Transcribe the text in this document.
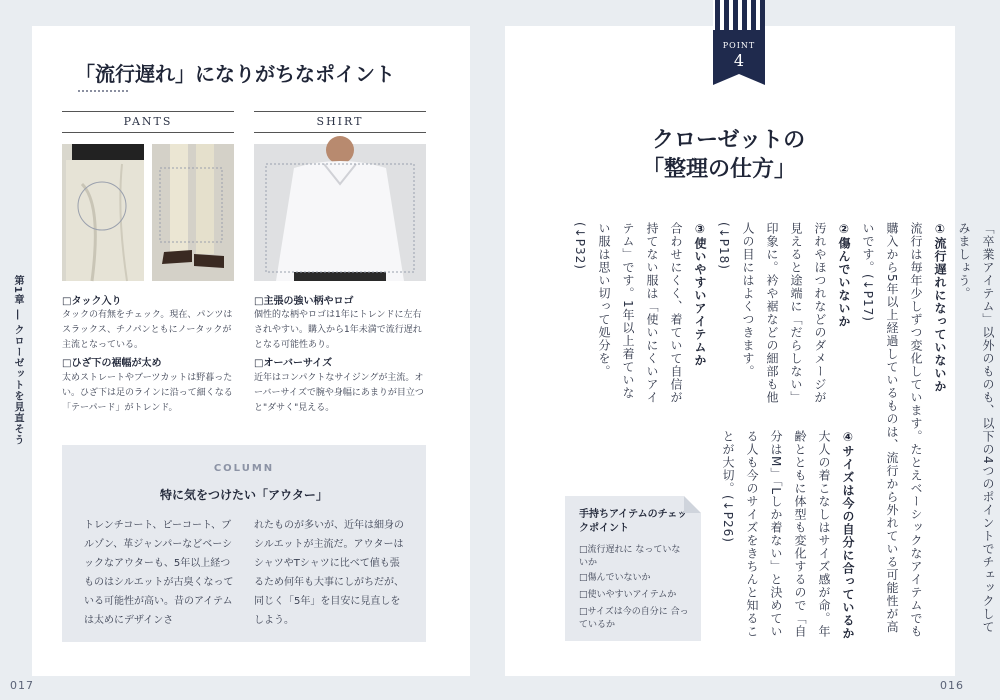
第1章 ― クローゼットを見直そう
「流行遅れ」になりがちなポイント
PANTS	SHIRT
□タック入り
タックの有無をチェック。現在、パンツはスラックス、チノパンともにノータックが主流となっている。
□ひざ下の裾幅が太め
太めストレートやブーツカットは野暮ったい。ひざ下は足のラインに沿って細くなる「テーパード」がトレンド。
□主張の強い柄やロゴ
個性的な柄やロゴは1年にトレンドに左右されやすい。購入から1年未満で流行遅れとなる可能性あり。
□オーバーサイズ
近年はコンパクトなサイジングが主流。オーバーサイズで腕や身幅にあまりが目立つと"ダサく"見える。
COLUMN
特に気をつけたい「アウター」
トレンチコート、ピーコート、ブルゾン、革ジャンパーなどベーシックなアウターも、5年以上経つものはシルエットが古臭くなっている可能性が高い。昔のアイテムは太めにデザインさ
れたものが多いが、近年は細身のシルエットが主流だ。アウターはシャツやTシャツに比べて値も張るため何年も大事にしがちだが、同じく「5年」を目安に見直しをしよう。
017	016
POINT
4
クローゼットの
「整理の仕方」
「卒業アイテム」以外のものも、以下の4つのポイントでチェックしてみましょう。
①流行遅れになっていないか
流行は毎年少しずつ変化しています。たとえベーシックなアイテムでも購入から5年以上経過しているものは、流行から外れている可能性が高いです。(↓P17)
②傷んでいないか
汚れやほつれなどのダメージが見えると途端に「だらしない」印象に。衿や裾などの細部も他人の目にはよくつきます。(↓P18)
③使いやすいアイテムか
合わせにくく、着ていて自信が持てない服は「使いにくいアイテム」です。1年以上着ていない服は思い切って処分を。(↓P32)
④サイズは今の自分に合っているか
大人の着こなしはサイズ感が命。年齢とともに体型も変化するので「自分はM」「Lしか着ない」と決めている人も今のサイズをきちんと知ることが大切。(↓P26)
手持ちアイテムのチェックポイント
□流行遅れに なっていないか
□傷んでいないか
□使いやすいアイテムか
□サイズは今の自分に 合っているか
